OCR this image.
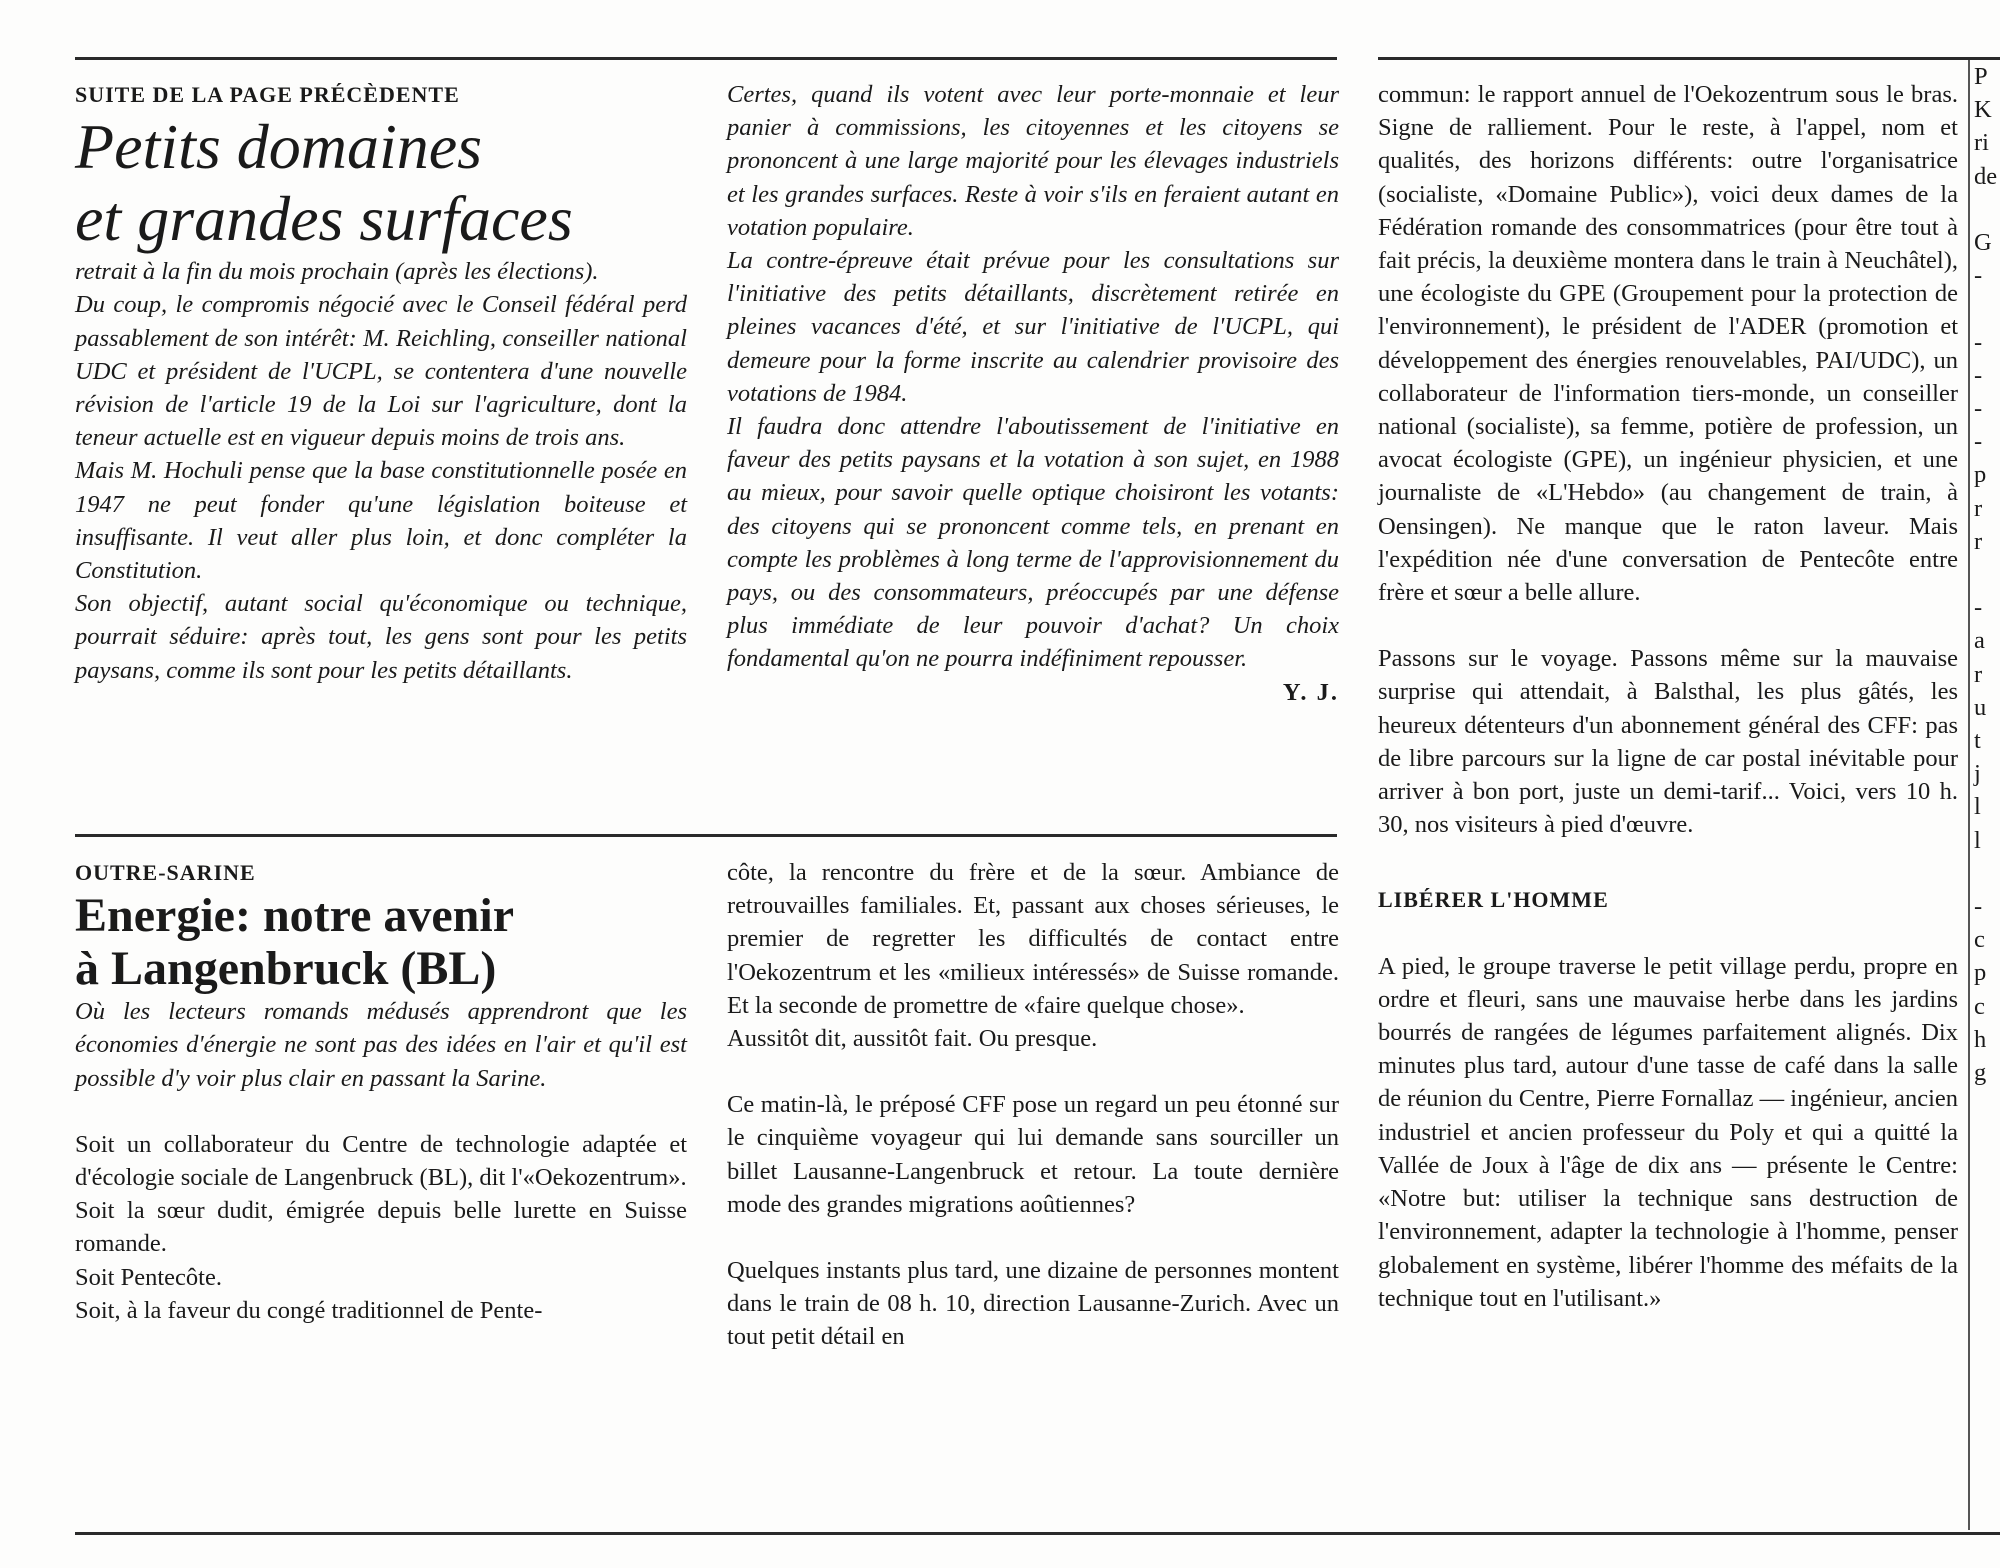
SUITE DE LA PAGE PRÉCÈDENTE

Petits domaines
et grandes surfaces

retrait à la fin du mois prochain (après les élections).

Du coup, le compromis négocié avec le Conseil fédéral perd passablement de son intérêt: M. Reichling, conseiller national UDC et président de l'UCPL, se contentera d'une nouvelle révision de l'article 19 de la Loi sur l'agriculture, dont la teneur actuelle est en vigueur depuis moins de trois ans.

Mais M. Hochuli pense que la base constitutionnelle posée en 1947 ne peut fonder qu'une législation boiteuse et insuffisante. Il veut aller plus loin, et donc compléter la Constitution.

Son objectif, autant social qu'économique ou technique, pourrait séduire: après tout, les gens sont pour les petits paysans, comme ils sont pour les petits détaillants.

Certes, quand ils votent avec leur porte-monnaie et leur panier à commissions, les citoyennes et les citoyens se prononcent à une large majorité pour les élevages industriels et les grandes surfaces. Reste à voir s'ils en feraient autant en votation populaire.

La contre-épreuve était prévue pour les consultations sur l'initiative des petits détaillants, discrètement retirée en pleines vacances d'été, et sur l'initiative de l'UCPL, qui demeure pour la forme inscrite au calendrier provisoire des votations de 1984.

Il faudra donc attendre l'aboutissement de l'initiative en faveur des petits paysans et la votation à son sujet, en 1988 au mieux, pour savoir quelle optique choisiront les votants: des citoyens qui se prononcent comme tels, en prenant en compte les problèmes à long terme de l'approvisionnement du pays, ou des consommateurs, préoccupés par une défense plus immédiate de leur pouvoir d'achat? Un choix fondamental qu'on ne pourra indéfiniment repousser.

Y. J.

OUTRE-SARINE

Energie: notre avenir
à Langenbruck (BL)

Où les lecteurs romands médusés apprendront que les économies d'énergie ne sont pas des idées en l'air et qu'il est possible d'y voir plus clair en passant la Sarine.

Soit un collaborateur du Centre de technologie adaptée et d'écologie sociale de Langenbruck (BL), dit l'«Oekozentrum».

Soit la sœur dudit, émigrée depuis belle lurette en Suisse romande.

Soit Pentecôte.

Soit, à la faveur du congé traditionnel de Pente-

côte, la rencontre du frère et de la sœur. Ambiance de retrouvailles familiales. Et, passant aux choses sérieuses, le premier de regretter les difficultés de contact entre l'Oekozentrum et les «milieux intéressés» de Suisse romande. Et la seconde de promettre de «faire quelque chose».

Aussitôt dit, aussitôt fait. Ou presque.

Ce matin-là, le préposé CFF pose un regard un peu étonné sur le cinquième voyageur qui lui demande sans sourciller un billet Lausanne-Langenbruck et retour. La toute dernière mode des grandes migrations aoûtiennes?

Quelques instants plus tard, une dizaine de personnes montent dans le train de 08 h. 10, direction Lausanne-Zurich. Avec un tout petit détail en

commun: le rapport annuel de l'Oekozentrum sous le bras. Signe de ralliement. Pour le reste, à l'appel, nom et qualités, des horizons différents: outre l'organisatrice (socialiste, «Domaine Public»), voici deux dames de la Fédération romande des consommatrices (pour être tout à fait précis, la deuxième montera dans le train à Neuchâtel), une écologiste du GPE (Groupement pour la protection de l'environnement), le président de l'ADER (promotion et développement des énergies renouvelables, PAI/UDC), un collaborateur de l'information tiers-monde, un conseiller national (socialiste), sa femme, potière de profession, un avocat écologiste (GPE), un ingénieur physicien, et une journaliste de «L'Hebdo» (au changement de train, à Oensingen). Ne manque que le raton laveur. Mais l'expédition née d'une conversation de Pentecôte entre frère et sœur a belle allure.

Passons sur le voyage. Passons même sur la mauvaise surprise qui attendait, à Balsthal, les plus gâtés, les heureux détenteurs d'un abonnement général des CFF: pas de libre parcours sur la ligne de car postal inévitable pour arriver à bon port, juste un demi-tarif... Voici, vers 10 h. 30, nos visiteurs à pied d'œuvre.

LIBÉRER L'HOMME

A pied, le groupe traverse le petit village perdu, propre en ordre et fleuri, sans une mauvaise herbe dans les jardins bourrés de rangées de légumes parfaitement alignés. Dix minutes plus tard, autour d'une tasse de café dans la salle de réunion du Centre, Pierre Fornallaz — ingénieur, ancien industriel et ancien professeur du Poly et qui a quitté la Vallée de Joux à l'âge de dix ans — présente le Centre: «Notre but: utiliser la technique sans destruction de l'environnement, adapter la technologie à l'homme, penser globalement en système, libérer l'homme des méfaits de la technique tout en l'utilisant.»

P

K

ri

de

G

-

-

-

-

-

p

r

r

-

a

r

u

t

j

l

l

-

c

p

c

h

g
